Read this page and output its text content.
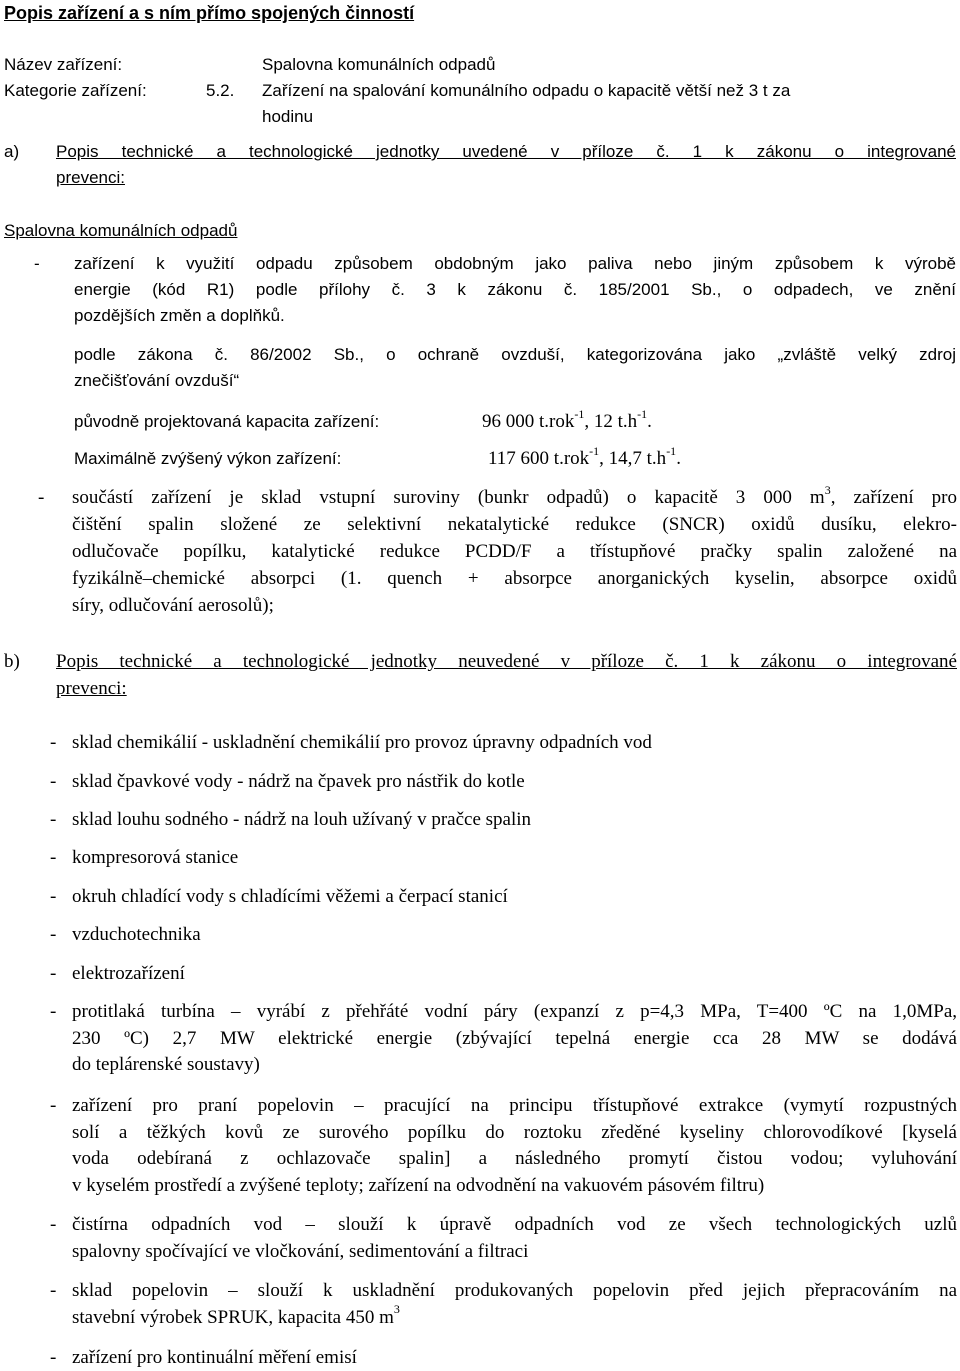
Popis zařízení a s ním přímo spojených činností
Název zařízení:	Spalovna komunálních odpadů
Kategorie zařízení:	5.2. Zařízení na spalování komunálního odpadu o kapacitě větší než 3 t za
hodinu
a) Popis technické a technologické jednotky uvedené v příloze č. 1 k zákonu o integrované
prevenci:
Spalovna komunálních odpadů
- zařízení k využití odpadu způsobem obdobným jako paliva nebo jiným způsobem k výrobě
energie (kód R1) podle přílohy č. 3 k zákonu č. 185/2001 Sb., o odpadech, ve znění
pozdějších změn a doplňků.
podle zákona č. 86/2002 Sb., o ochraně ovzduší, kategorizována jako „zvláště velký zdroj
znečišťování ovzduší“
původně projektovaná kapacita zařízení:	96 000 t.rok$^{-1}$, 12 $t.h^{-1}$.
Maximálně zvýšený výkon zařízení:	117 600 t.rok$^{-1}$, 14,7 $t.h^{-1}$.
- součástí zařízení je sklad vstupní suroviny (bunkr odpadů) o kapacitě 3 000 $m^3$, zařízení pro
čištění spalin složené ze selektivní nekatalytické redukce (SNCR) oxidů dusíku, elekro-
odlučovače popílku, katalytické redukce PCDD/F a třístupňové pračky spalin založené na
fyzikálně–chemické absorpci (1. quench + absorpce anorganických kyselin, absorpce oxidů
síry, odlučování aerosolů);
b) Popis technické a technologické jednotky neuvedené v příloze č. 1 k zákonu o integrované
prevenci:
- sklad chemikálií - uskladnění chemikálií pro provoz úpravny odpadních vod
- sklad čpavkové vody - nádrž na čpavek pro nástřik do kotle
- sklad louhu sodného - nádrž na louh užívaný v pračce spalin
- kompresorová stanice
- okruh chladící vody s chladícími věžemi a čerpací stanicí
- vzduchotechnika
- elektrozařízení
- protitlaká turbína – vyrábí z přehřáté vodní páry (expanzí z p=4,3 MPa, T=400 ºC na 1,0MPa,
230 ºC) 2,7 MW elektrické energie (zbývající tepelná energie cca 28 MW se dodává
do teplárenské soustavy)
- zařízení pro praní popelovin – pracující na principu třístupňové extrakce (vymytí rozpustných
solí a těžkých kovů ze surového popílku do roztoku zředěné kyseliny chlorovodíkové [kyselá
voda odebíraná z ochlazovače spalin] a následného promytí čistou vodou; vyluhování
v kyselém prostředí a zvýšené teploty; zařízení na odvodnění na vakuovém pásovém filtru)
- čistírna odpadních vod – slouží k úpravě odpadních vod ze všech technologických uzlů
spalovny spočívající ve vločkování, sedimentování a filtraci
- sklad popelovin – slouží k uskladnění produkovaných popelovin před jejich přepracováním na
stavební výrobek SPRUK, kapacita 450 $m^3$
- zařízení pro kontinuální měření emisí
